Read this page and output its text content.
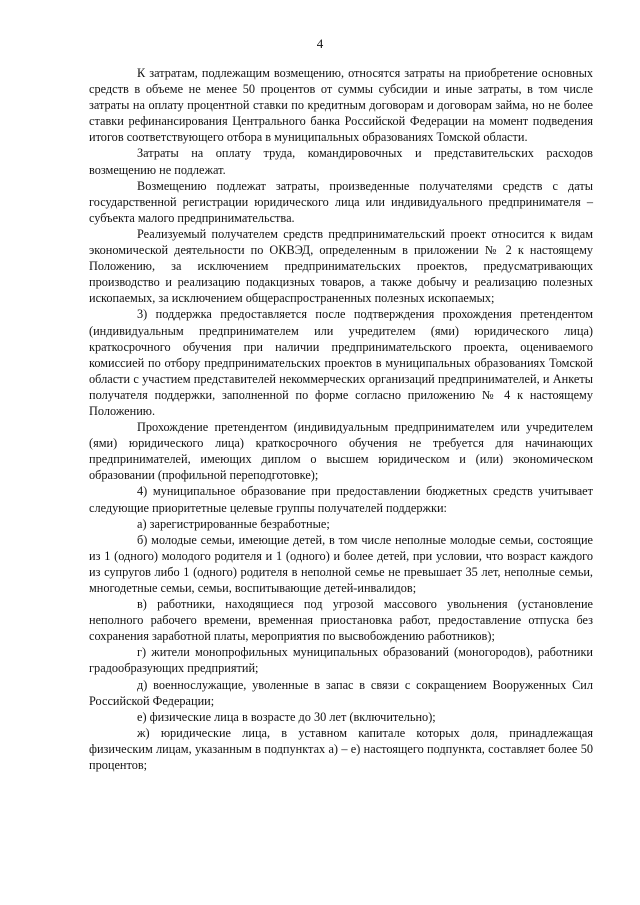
4

К затратам, подлежащим возмещению, относятся затраты на приобретение основных средств в объеме не менее 50 процентов от суммы субсидии и иные затраты, в том числе затраты на оплату процентной ставки по кредитным договорам и договорам займа, но не более ставки рефинансирования Центрального банка Российской Федерации на момент подведения итогов соответствующего отбора в муниципальных образованиях Томской области.

Затраты на оплату труда, командировочных и представительских расходов возмещению не подлежат.

Возмещению подлежат затраты, произведенные получателями средств с даты государственной регистрации юридического лица или индивидуального предпринимателя – субъекта малого предпринимательства.

Реализуемый получателем средств предпринимательский проект относится к видам экономической деятельности по ОКВЭД, определенным в приложении № 2 к настоящему Положению, за исключением предпринимательских проектов, предусматривающих производство и реализацию подакцизных товаров, а также добычу и реализацию полезных ископаемых, за исключением общераспространенных полезных ископаемых;

3) поддержка предоставляется после подтверждения прохождения претендентом (индивидуальным предпринимателем или учредителем (ями) юридического лица) краткосрочного обучения при наличии предпринимательского проекта, оцениваемого комиссией по отбору предпринимательских проектов в муниципальных образованиях Томской области с участием представителей некоммерческих организаций предпринимателей, и Анкеты получателя поддержки, заполненной по форме согласно приложению № 4 к настоящему Положению.

Прохождение претендентом (индивидуальным предпринимателем или учредителем (ями) юридического лица) краткосрочного обучения не требуется для начинающих предпринимателей, имеющих диплом о высшем юридическом и (или) экономическом образовании (профильной переподготовке);

4) муниципальное образование при предоставлении бюджетных средств учитывает следующие приоритетные целевые группы получателей поддержки:

а) зарегистрированные безработные;

б) молодые семьи, имеющие детей, в том числе неполные молодые семьи, состоящие из 1 (одного) молодого родителя и 1 (одного) и более детей, при условии, что возраст каждого из супругов либо 1 (одного) родителя в неполной семье не превышает 35 лет, неполные семьи, многодетные семьи, семьи, воспитывающие детей-инвалидов;

в) работники, находящиеся под угрозой массового увольнения (установление неполного рабочего времени, временная приостановка работ, предоставление отпуска без сохранения заработной платы, мероприятия по высвобождению работников);

г) жители монопрофильных муниципальных образований (моногородов), работники градообразующих предприятий;

д) военнослужащие, уволенные в запас в связи с сокращением Вооруженных Сил Российской Федерации;

е) физические лица в возрасте до 30 лет (включительно);

ж) юридические лица, в уставном капитале которых доля, принадлежащая физическим лицам, указанным в подпунктах а) – е) настоящего подпункта, составляет более 50 процентов;
